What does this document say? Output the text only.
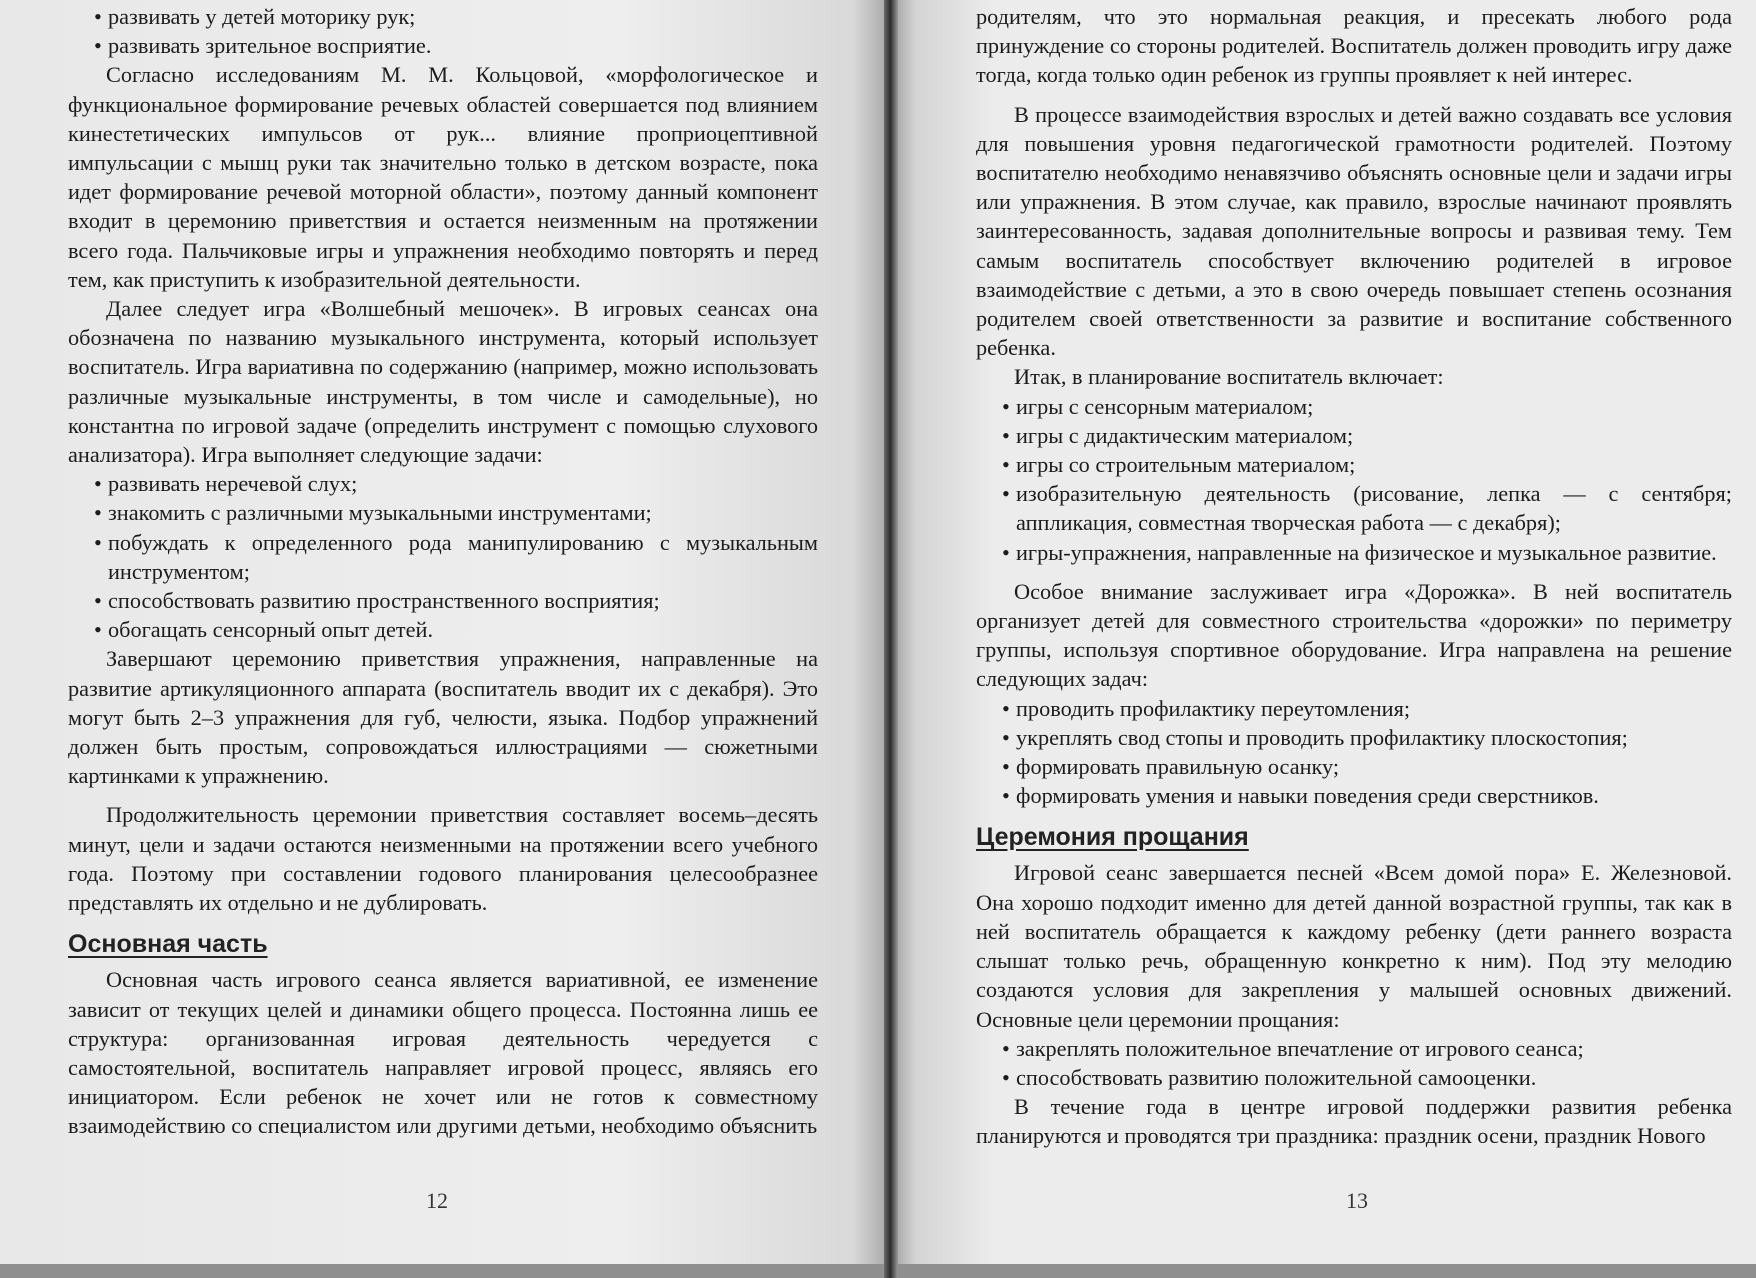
• развивать у детей моторику рук;
• развивать зрительное восприятие.

Согласно исследованиям М. М. Кольцовой, «морфологическое и функциональное формирование речевых областей совершается под влиянием кинестетических импульсов от рук... влияние проприоцептивной импульсации с мышц руки так значительно только в детском возрасте, пока идет формирование речевой моторной области», поэтому данный компонент входит в церемонию приветствия и остается неизменным на протяжении всего года. Пальчиковые игры и упражнения необходимо повторять и перед тем, как приступить к изобразительной деятельности.

Далее следует игра «Волшебный мешочек». В игровых сеансах она обозначена по названию музыкального инструмента, который использует воспитатель. Игра вариативна по содержанию (например, можно использовать различные музыкальные инструменты, в том числе и самодельные), но константна по игровой задаче (определить инструмент с помощью слухового анализатора). Игра выполняет следующие задачи:

• развивать неречевой слух;
• знакомить с различными музыкальными инструментами;
• побуждать к определенного рода манипулированию с музыкальным инструментом;
• способствовать развитию пространственного восприятия;
• обогащать сенсорный опыт детей.

Завершают церемонию приветствия упражнения, направленные на развитие артикуляционного аппарата (воспитатель вводит их с декабря). Это могут быть 2–3 упражнения для губ, челюсти, языка. Подбор упражнений должен быть простым, сопровождаться иллюстрациями — сюжетными картинками к упражнению.

Продолжительность церемонии приветствия составляет восемь–десять минут, цели и задачи остаются неизменными на протяжении всего учебного года. Поэтому при составлении годового планирования целесообразнее представлять их отдельно и не дублировать.

Основная часть

Основная часть игрового сеанса является вариативной, ее изменение зависит от текущих целей и динамики общего процесса. Постоянна лишь ее структура: организованная игровая деятельность чередуется с самостоятельной, воспитатель направляет игровой процесс, являясь его инициатором. Если ребенок не хочет или не готов к совместному взаимодействию со специалистом или другими детьми, необходимо объяснить

12

родителям, что это нормальная реакция, и пресекать любого рода принуждение со стороны родителей. Воспитатель должен проводить игру даже тогда, когда только один ребенок из группы проявляет к ней интерес.

В процессе взаимодействия взрослых и детей важно создавать все условия для повышения уровня педагогической грамотности родителей. Поэтому воспитателю необходимо ненавязчиво объяснять основные цели и задачи игры или упражнения. В этом случае, как правило, взрослые начинают проявлять заинтересованность, задавая дополнительные вопросы и развивая тему. Тем самым воспитатель способствует включению родителей в игровое взаимодействие с детьми, а это в свою очередь повышает степень осознания родителем своей ответственности за развитие и воспитание собственного ребенка.

Итак, в планирование воспитатель включает:

• игры с сенсорным материалом;
• игры с дидактическим материалом;
• игры со строительным материалом;
• изобразительную деятельность (рисование, лепка — с сентября; аппликация, совместная творческая работа — с декабря);
• игры-упражнения, направленные на физическое и музыкальное развитие.

Особое внимание заслуживает игра «Дорожка». В ней воспитатель организует детей для совместного строительства «дорожки» по периметру группы, используя спортивное оборудование. Игра направлена на решение следующих задач:

• проводить профилактику переутомления;
• укреплять свод стопы и проводить профилактику плоскостопия;
• формировать правильную осанку;
• формировать умения и навыки поведения среди сверстников.
Церемония прощания

Игровой сеанс завершается песней «Всем домой пора» Е. Железновой. Она хорошо подходит именно для детей данной возрастной группы, так как в ней воспитатель обращается к каждому ребенку (дети раннего возраста слышат только речь, обращенную конкретно к ним). Под эту мелодию создаются условия для закрепления у малышей основных движений. Основные цели церемонии прощания:

• закреплять положительное впечатление от игрового сеанса;
• способствовать развитию положительной самооценки.

В течение года в центре игровой поддержки развития ребенка планируются и проводятся три праздника: праздник осени, праздник Нового

13
